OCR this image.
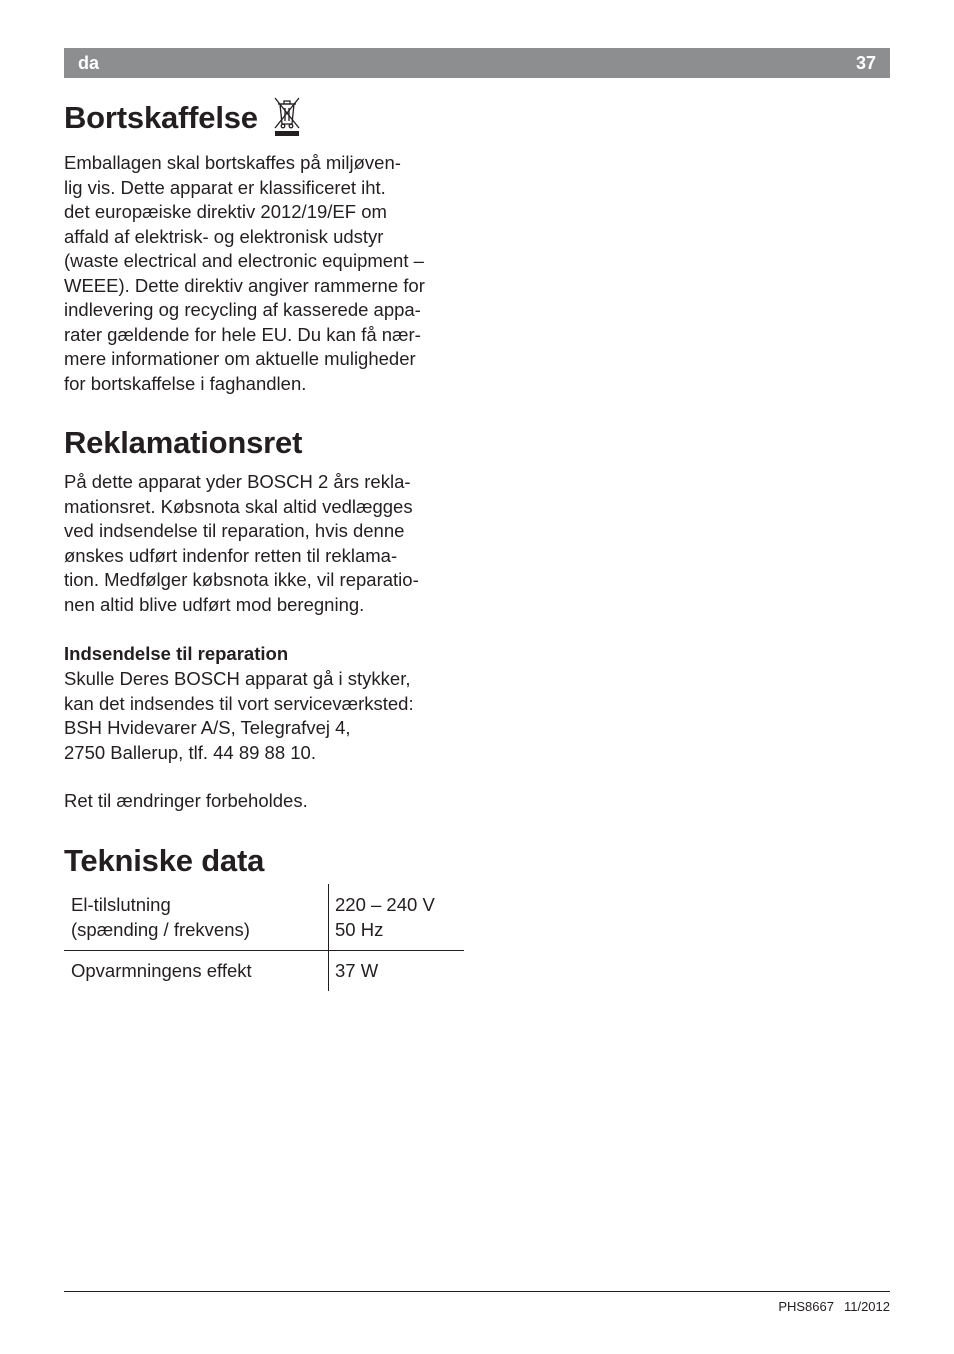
da	37
Bortskaffelse

Emballagen skal bortskaffes på miljøven-
lig vis. Dette apparat er klassificeret iht.
det europæiske direktiv 2012/19/EF om
affald af elektrisk- og elektronisk udstyr
(waste electrical and electronic equipment –
WEEE). Dette direktiv angiver rammerne for
indlevering og recycling af kasserede appa-
rater gældende for hele EU. Du kan få nær-
mere informationer om aktuelle muligheder
for bortskaffelse i faghandlen.

Reklamationsret

På dette apparat yder BOSCH 2 års rekla-
mationsret. Købsnota skal altid vedlægges
ved indsendelse til reparation, hvis denne
ønskes udført indenfor retten til reklama-
tion. Medfølger købsnota ikke, vil reparatio-
nen altid blive udført mod beregning.

Indsendelse til reparation

Skulle Deres BOSCH apparat gå i stykker,
kan det indsendes til vort serviceværksted:
BSH Hvidevarer A/S, Telegrafvej 4,
2750 Ballerup, tlf. 44 89 88 10.

Ret til ændringer forbeholdes.

Tekniske data
El-tilslutning
(spænding / frekvens)	220 – 240 V
50 Hz
Opvarmningens effekt	37 W
PHS8667 11/2012
